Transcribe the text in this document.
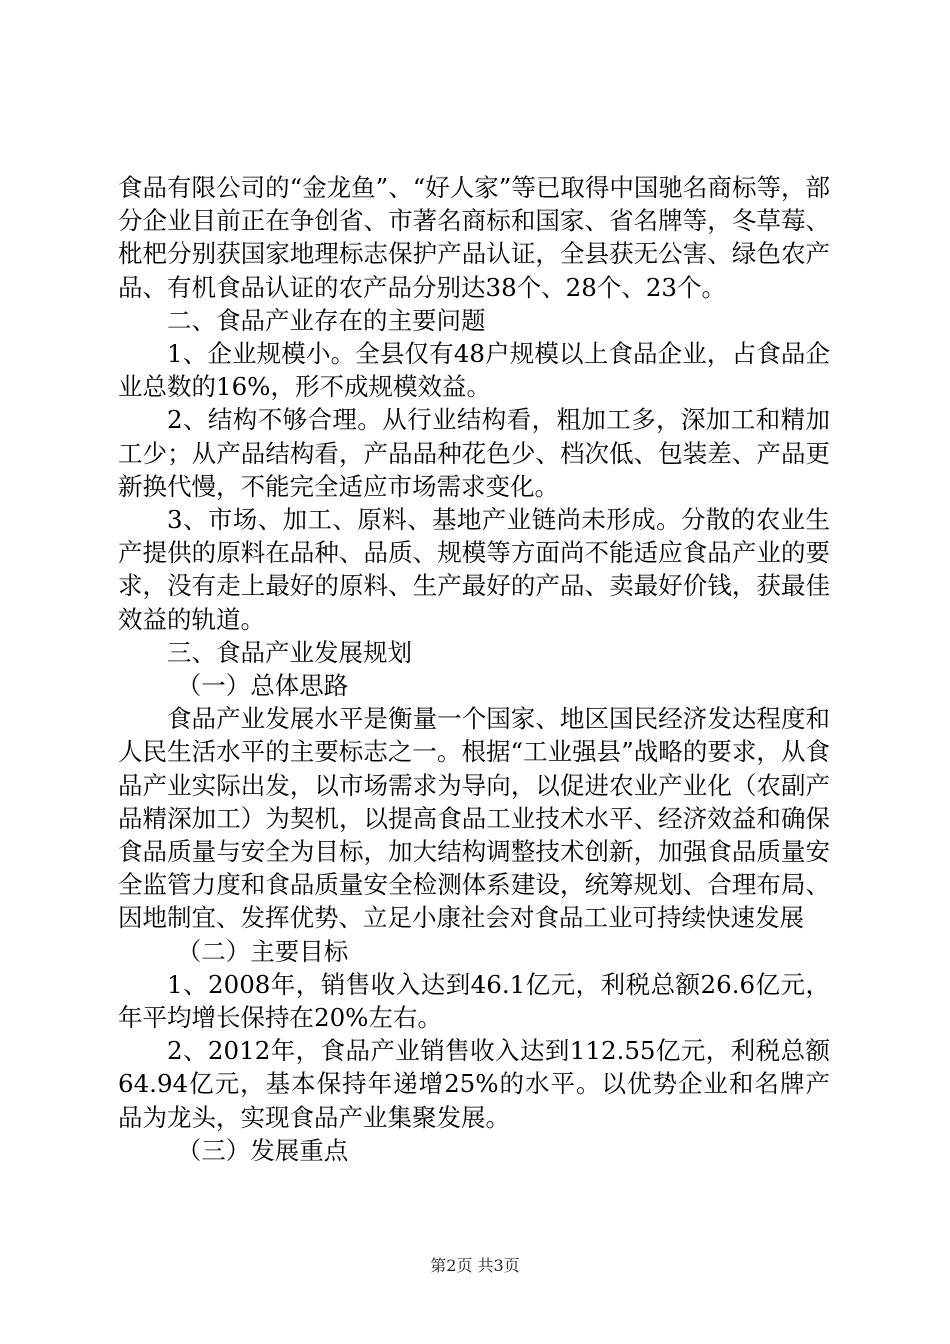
食品有限公司的“金龙鱼”、“好人家”等已取得中国驰名商标等，部分企业目前正在争创省、市著名商标和国家、省名牌等，冬草莓、枇杷分别获国家地理标志保护产品认证，全县获无公害、绿色农产品、有机食品认证的农产品分别达38个、28个、23个。

二、食品产业存在的主要问题

1、企业规模小。全县仅有48户规模以上食品企业，占食品企业总数的16%，形不成规模效益。

2、结构不够合理。从行业结构看，粗加工多，深加工和精加工少；从产品结构看，产品品种花色少、档次低、包装差、产品更新换代慢，不能完全适应市场需求变化。

3、市场、加工、原料、基地产业链尚未形成。分散的农业生产提供的原料在品种、品质、规模等方面尚不能适应食品产业的要求，没有走上最好的原料、生产最好的产品、卖最好价钱，获最佳效益的轨道。

三、食品产业发展规划

（一）总体思路

食品产业发展水平是衡量一个国家、地区国民经济发达程度和人民生活水平的主要标志之一。根据“工业强县”战略的要求，从食品产业实际出发，以市场需求为导向，以促进农业产业化（农副产品精深加工）为契机，以提高食品工业技术水平、经济效益和确保食品质量与安全为目标，加大结构调整技术创新，加强食品质量安全监管力度和食品质量安全检测体系建设，统筹规划、合理布局、因地制宜、发挥优势、立足小康社会对食品工业可持续快速发展

（二）主要目标

1、2008年，销售收入达到46.1亿元，利税总额26.6亿元，年平均增长保持在20%左右。

2、2012年，食品产业销售收入达到112.55亿元，利税总额64.94亿元，基本保持年递增25%的水平。以优势企业和名牌产品为龙头，实现食品产业集聚发展。

（三）发展重点

第2页 共3页
